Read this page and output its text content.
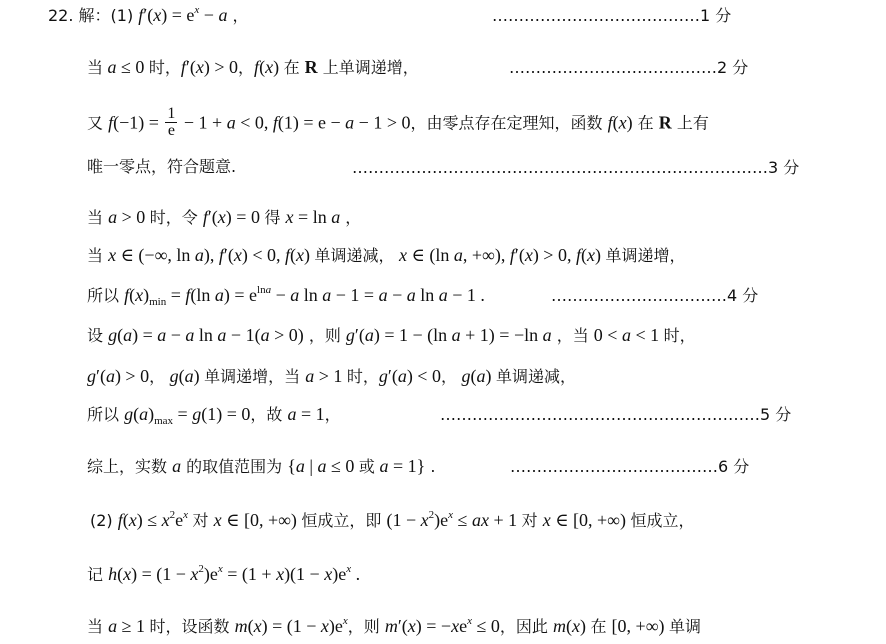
22. 解：(1) $f'(x) = e^x - a$ ，	…………………………………1 分
当 a ≤ 0 时，f′(x) > 0，f(x) 在 R 上单调递增，	…………………………………2 分
又 $f(-1) = \frac{1}{e} - 1 + a < 0$, f(1) = e − a − 1 > 0，由零点存在定理知，函数 f(x) 在 R 上有
唯一零点，符合题意.	……………………………………………………………………3 分
当 a > 0 时，令 f′(x) = 0 得 x = ln a ，
当 x ∈ (−∞, ln a), f′(x) < 0, f(x) 单调递减， x ∈ (ln a, +∞), f′(x) > 0, f(x) 单调递增，
所以 $f(x)_{min} = f(\ln$ $a) = e^{lna} - a$ ln a − 1 = a − a ln a − 1 .	……………………………4 分
设 g(a) = a − a ln a − 1(a > 0) ，则 g′(a) = 1 − (ln a + 1) = −ln a ，当 0 < a < 1 时，
g′(a) > 0， g(a) 单调递增，当 a > 1 时，g′(a) < 0， g(a) 单调递减，
所以 $g(a)_{max} = g(1) = 0$，故 a = 1，	……………………………………………………5 分
综上，实数 a 的取值范围为 {a | a ≤ 0 或 a = 1} .	…………………………………6 分
(2) $f(x) \le x^2e^x$ 对 x ∈ [0, +∞) 恒成立，即 $(1 - x^2)e^x$ ≤ ax + 1 对 x ∈ [0, +∞) 恒成立，
记 $h(x) = (1 - x^2)e^x = (1 + x)(1 - x)e^x$ .
当 a ≥ 1 时，设函数 $m(x) = (1 - x)e^x$，则 $m'(x) = -xe^x \le 0$，因此 m(x) 在 [0, +∞) 单调
